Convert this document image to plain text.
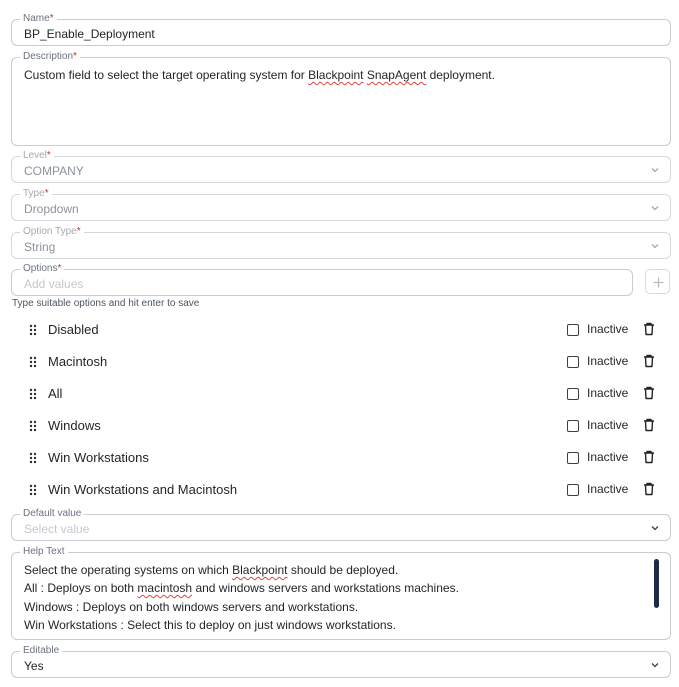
Name*
BP_Enable_Deployment
Description*
Custom field to select the target operating system for Blackpoint SnapAgent deployment.
Level*
COMPANY
Type*
Dropdown
Option Type*
String
Options*
Add values
Type suitable options and hit enter to save
Disabled	Inactive
Macintosh	Inactive
All	Inactive
Windows	Inactive
Win Workstations	Inactive
Win Workstations and Macintosh	Inactive
Default value
Select value
Help Text
Select the operating systems on which Blackpoint should be deployed.
All : Deploys on both macintosh and windows servers and workstations machines.
Windows : Deploys on both windows servers and workstations.
Win Workstations : Select this to deploy on just windows workstations.
Editable
Yes
